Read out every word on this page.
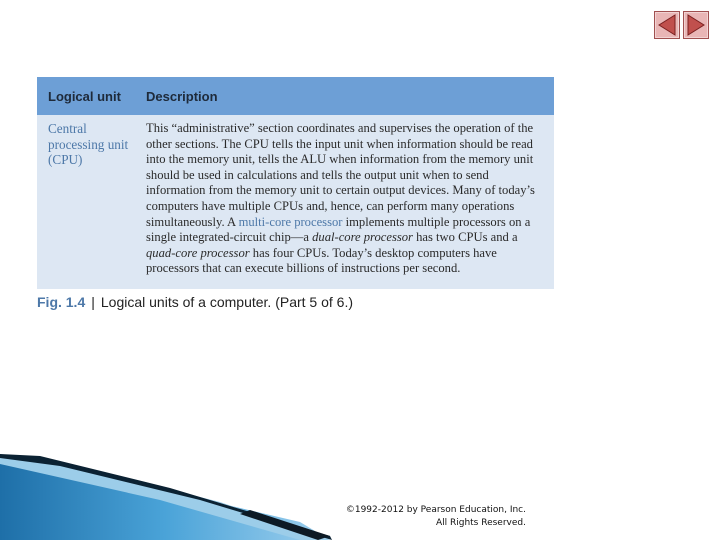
Logical unit	Description
Central processing unit (CPU)
This “administrative” section coordinates and supervises the operation of the other sections. The CPU tells the input unit when information should be read into the memory unit, tells the ALU when information from the memory unit should be used in calculations and tells the output unit when to send information from the memory unit to certain output devices. Many of today’s computers have multiple CPUs and, hence, can perform many operations simultaneously. A multi-core processor implements multiple processors on a single integrated-circuit chip—a dual-core processor has two CPUs and a quad-core processor has four CPUs. Today’s desktop computers have processors that can execute billions of instructions per second.
Fig. 1.4 | Logical units of a computer. (Part 5 of 6.)
©1992-2012 by Pearson Education, Inc.
All Rights Reserved.
